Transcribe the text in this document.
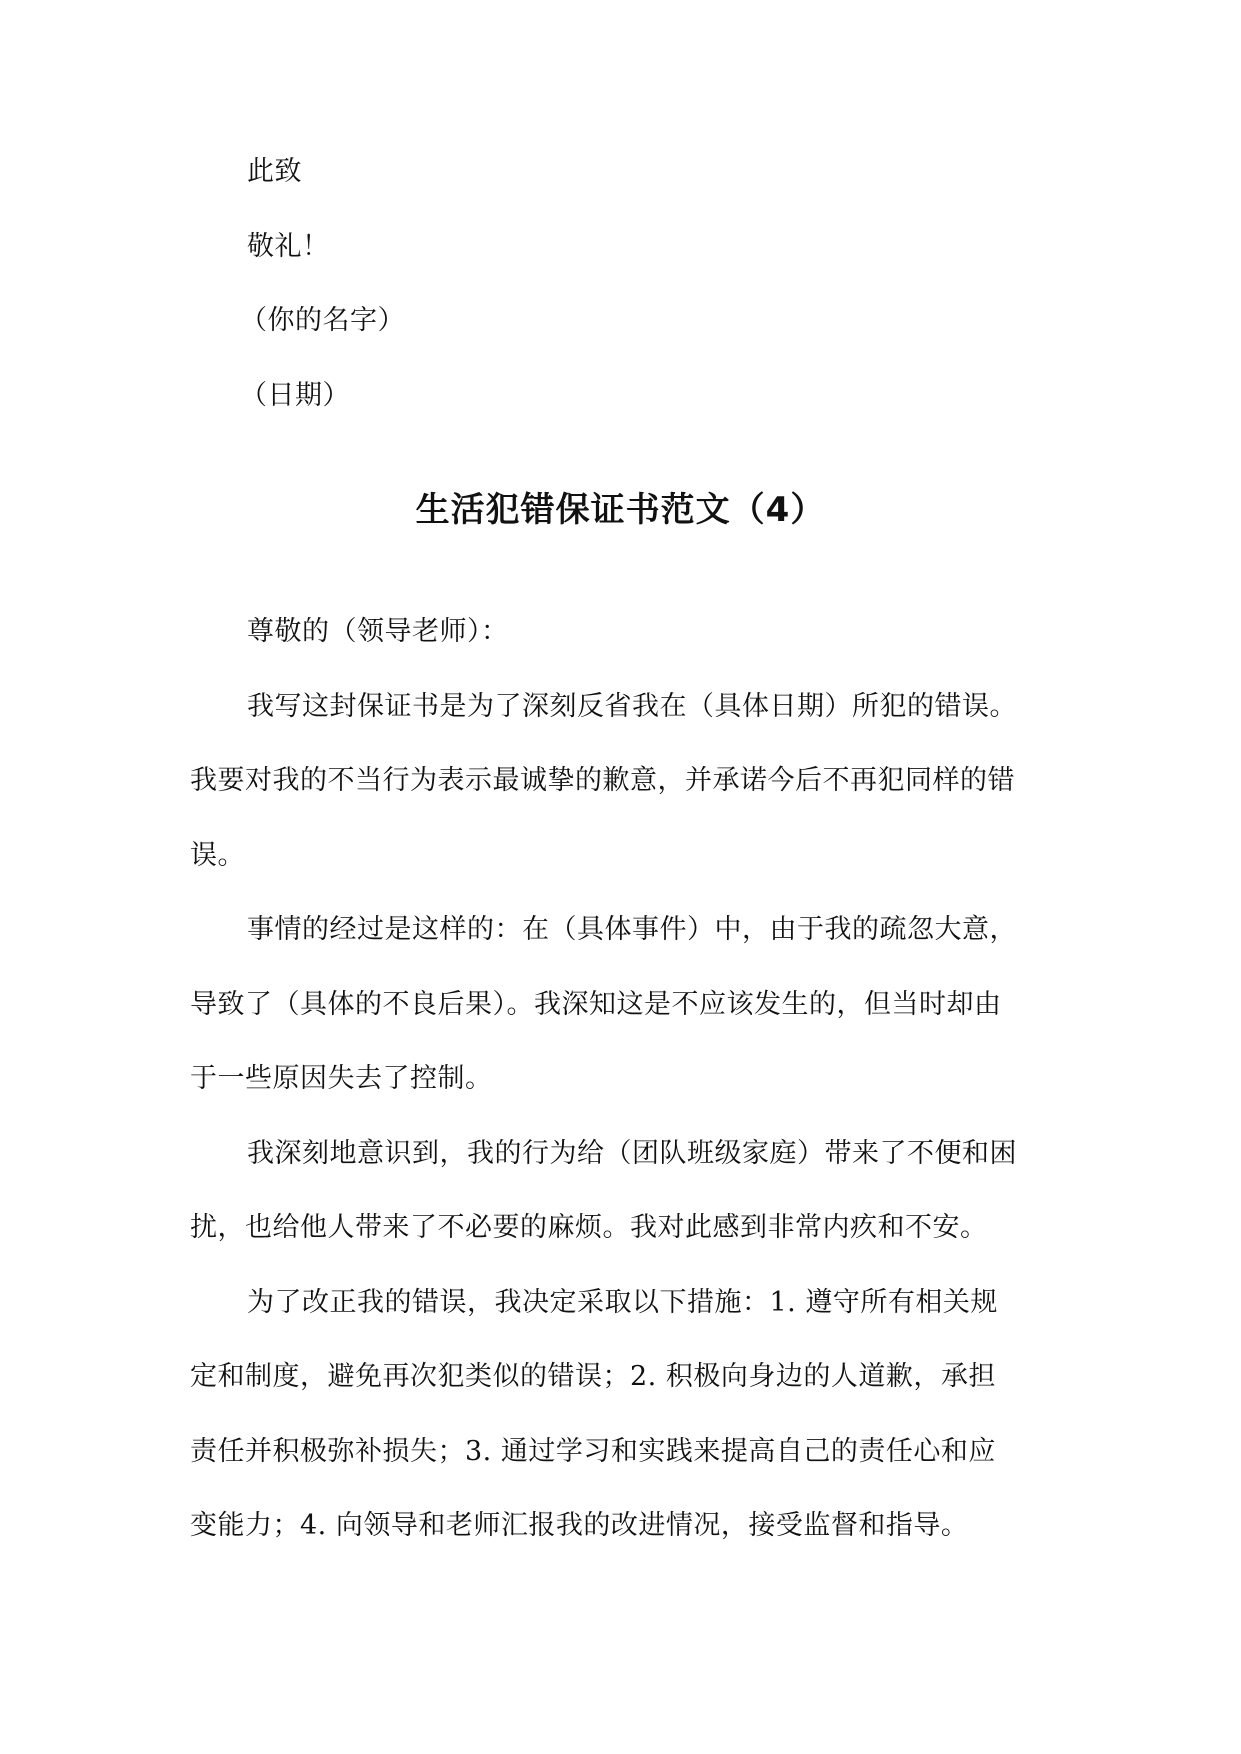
此致
敬礼！
（你的名字）
（日期）
生活犯错保证书范文（4）
尊敬的（领导老师）：
我写这封保证书是为了深刻反省我在（具体日期）所犯的错误。
我要对我的不当行为表示最诚挚的歉意，并承诺今后不再犯同样的错
误。
事情的经过是这样的：在（具体事件）中，由于我的疏忽大意，
导致了（具体的不良后果）。我深知这是不应该发生的，但当时却由
于一些原因失去了控制。
我深刻地意识到，我的行为给（团队班级家庭）带来了不便和困
扰，也给他人带来了不必要的麻烦。我对此感到非常内疚和不安。
为了改正我的错误，我决定采取以下措施：1. 遵守所有相关规
定和制度，避免再次犯类似的错误；2. 积极向身边的人道歉，承担
责任并积极弥补损失；3. 通过学习和实践来提高自己的责任心和应
变能力；4. 向领导和老师汇报我的改进情况，接受监督和指导。
